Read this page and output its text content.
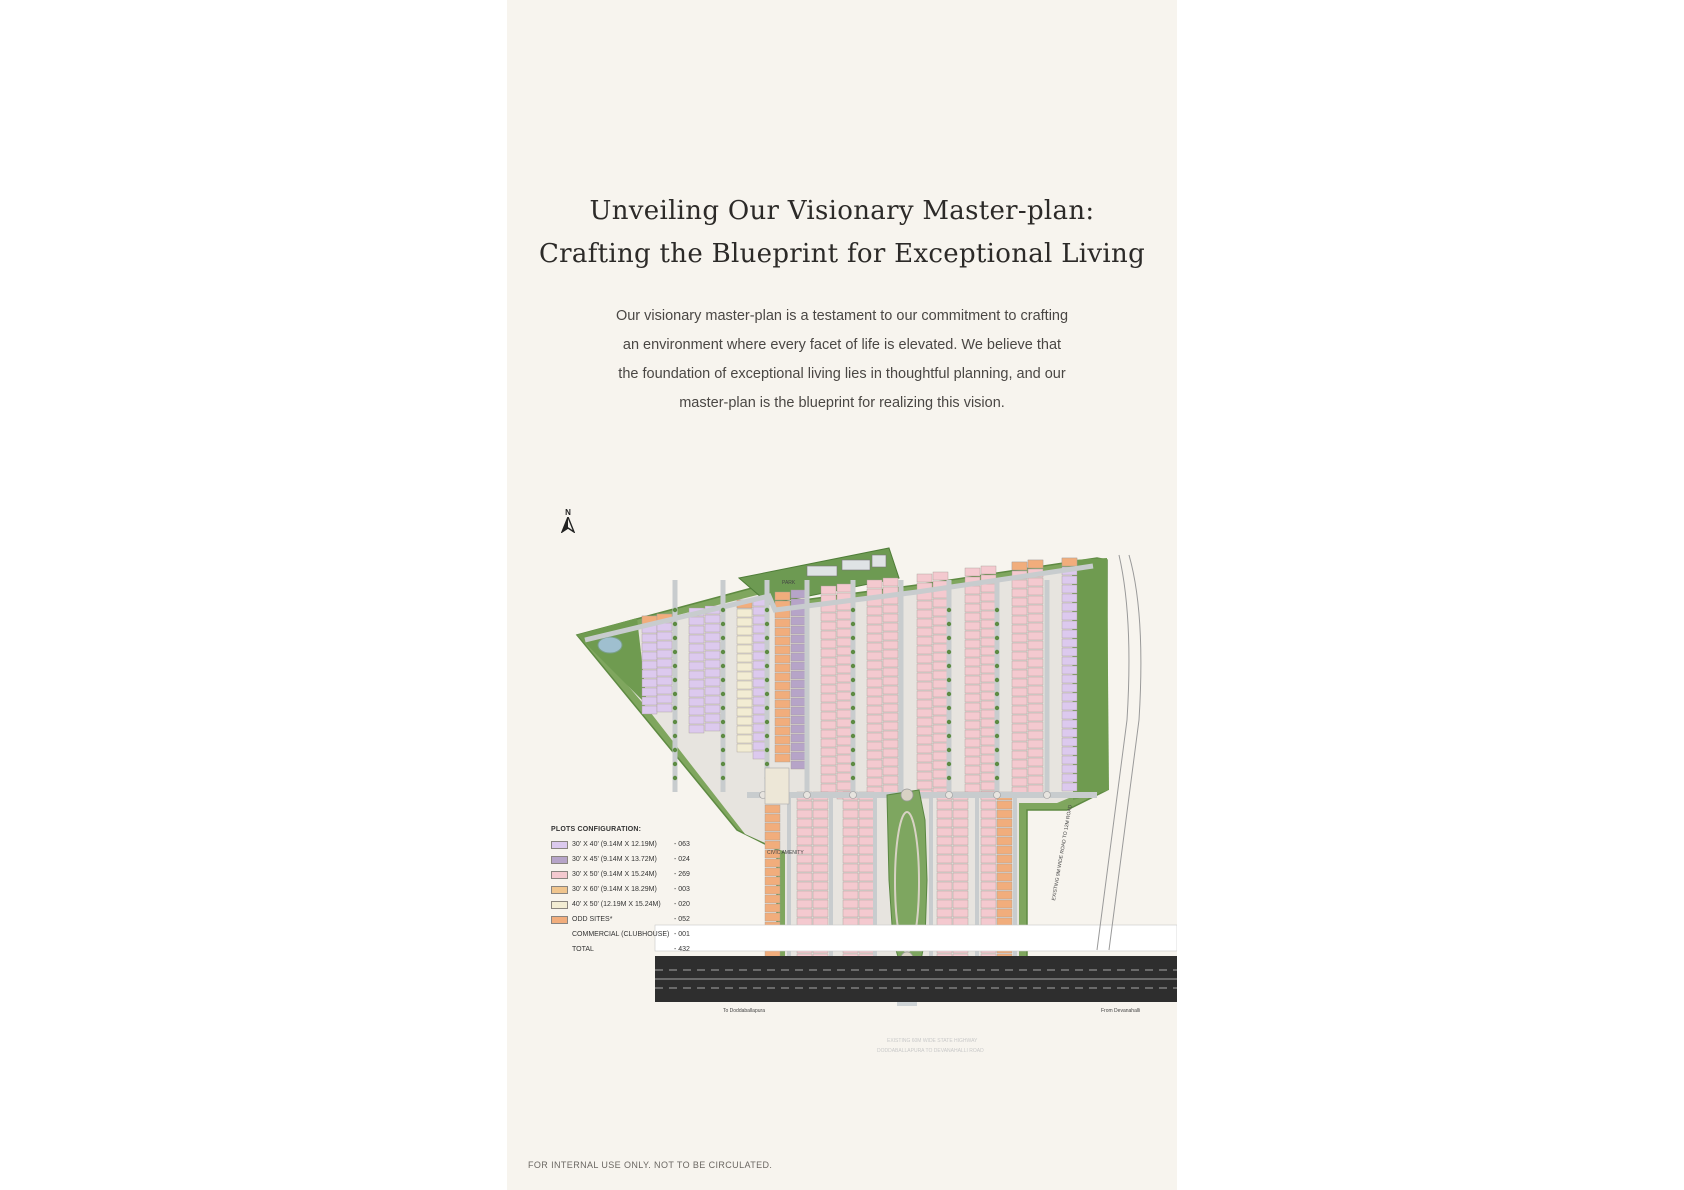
Unveiling Our Visionary Master-plan:
Crafting the Blueprint for Exceptional Living
Our visionary master-plan is a testament to our commitment to crafting
an environment where every facet of life is elevated. We believe that
the foundation of exceptional living lies in thoughtful planning, and our
master-plan is the blueprint for realizing this vision.
N
To Doddaballapura	From Devanahalli
EXISTING 60M WIDE STATE HIGHWAY
DODDABALLAPURA TO DEVANAHALLI ROAD
EXISTING 9M WIDE ROAD TO 12M ROAD
CIVIC AMENITY
PARK
PLOTS CONFIGURATION:
30' X 40' (9.14M X 12.19M)	- 063
30' X 45' (9.14M X 13.72M)	- 024
30' X 50' (9.14M X 15.24M)	- 269
30' X 60' (9.14M X 18.29M)	- 003
40' X 50' (12.19M X 15.24M)	- 020
ODD SITES*	- 052
COMMERCIAL (CLUBHOUSE) - 001
TOTAL	- 432
FOR INTERNAL USE ONLY. NOT TO BE CIRCULATED.
